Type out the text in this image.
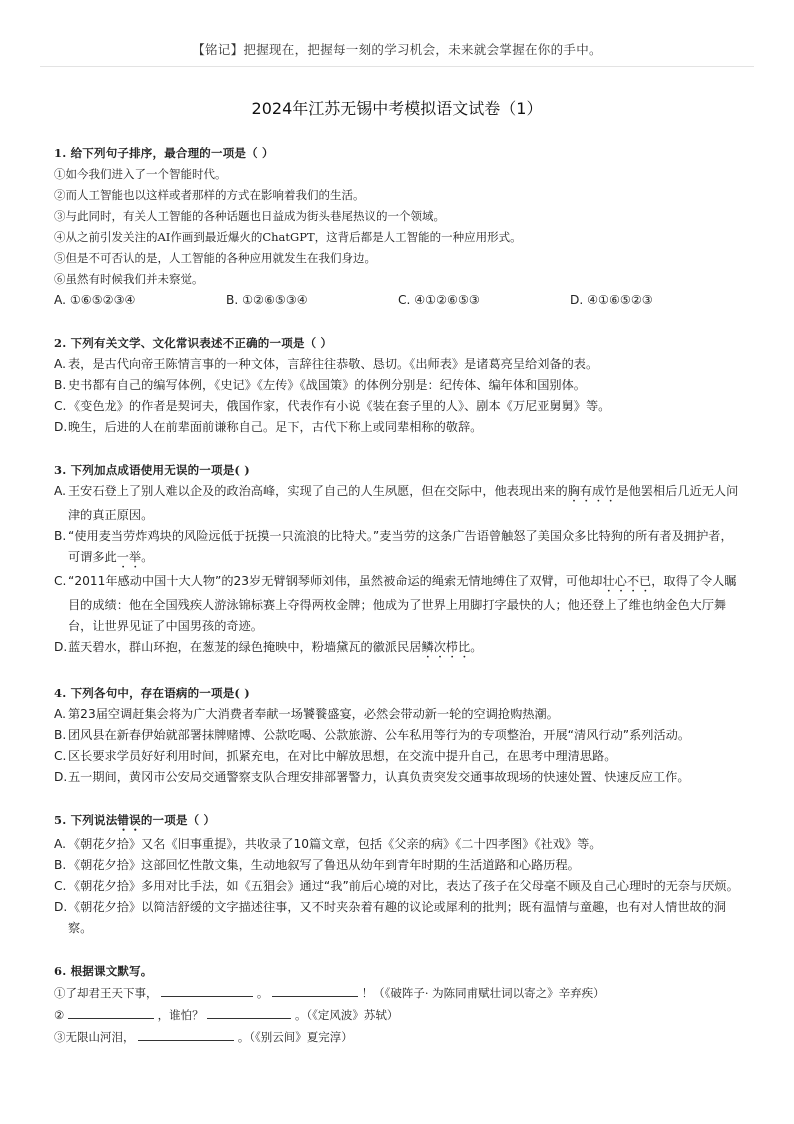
【铭记】把握现在，把握每一刻的学习机会，未来就会掌握在你的手中。
2024年江苏无锡中考模拟语文试卷（1）
1. 给下列句子排序，最合理的一项是（ ）
①如今我们进入了一个智能时代。
②而人工智能也以这样或者那样的方式在影响着我们的生活。
③与此同时，有关人工智能的各种话题也日益成为街头巷尾热议的一个领域。
④从之前引发关注的AI作画到最近爆火的ChatGPT，这背后都是人工智能的一种应用形式。
⑤但是不可否认的是，人工智能的各种应用就发生在我们身边。
⑥虽然有时候我们并未察觉。
A. ①⑥⑤②③④	B. ①②⑥⑤③④	C. ④①②⑥⑤③	D. ④①⑥⑤②③
2. 下列有关文学、文化常识表述不正确的一项是（ ）
A. 表，是古代向帝王陈情言事的一种文体，言辞往往恭敬、恳切。《出师表》是诸葛亮呈给刘备的表。
B. 史书都有自己的编写体例，《史记》《左传》《战国策》的体例分别是：纪传体、编年体和国别体。
C. 《变色龙》的作者是契诃夫，俄国作家，代表作有小说《装在套子里的人》、剧本《万尼亚舅舅》等。
D.晚生，后进的人在前辈面前谦称自己。足下，古代下称上或同辈相称的敬辞。
3. 下列加点成语使用无误的一项是( )
A. 王安石登上了别人难以企及的政治高峰，实现了自己的人生夙愿，但在交际中，他表现出来的胸有成竹是他罢相后几近无人问津的真正原因。
B. “使用麦当劳炸鸡块的风险远低于抚摸一只流浪的比特犬。”麦当劳的这条广告语曾触怒了美国众多比特狗的所有者及拥护者，可谓多此一举。
C. “2011年感动中国十大人物”的23岁无臂钢琴师刘伟，虽然被命运的绳索无情地缚住了双臂，可他却壮心不已，取得了令人瞩目的成绩：他在全国残疾人游泳锦标赛上夺得两枚金牌；他成为了世界上用脚打字最快的人；他还登上了维也纳金色大厅舞台，让世界见证了中国男孩的奇迹。
D.蓝天碧水，群山环抱，在葱茏的绿色掩映中，粉墙黛瓦的徽派民居鳞次栉比。
4. 下列各句中，存在语病的一项是( )
A. 第23届空调赶集会将为广大消费者奉献一场饕餮盛宴，必然会带动新一轮的空调抢购热潮。
B. 团风县在新春伊始就部署抹牌赌博、公款吃喝、公款旅游、公车私用等行为的专项整治，开展“清风行动”系列活动。
C. 区长要求学员好好利用时间，抓紧充电，在对比中解放思想，在交流中提升自己，在思考中理清思路。
D.五一期间，黄冈市公安局交通警察支队合理安排部署警力，认真负责突发交通事故现场的快速处置、快速反应工作。
5. 下列说法错误的一项是（ ）
A. 《朝花夕拾》又名《旧事重提》，共收录了10篇文章，包括《父亲的病》《二十四孝图》《社戏》等。
B. 《朝花夕拾》这部回忆性散文集，生动地叙写了鲁迅从幼年到青年时期的生活道路和心路历程。
C. 《朝花夕拾》多用对比手法，如《五猖会》通过“我”前后心境的对比，表达了孩子在父母毫不顾及自己心理时的无奈与厌烦。
D.《朝花夕拾》以简洁舒缓的文字描述往事，又不时夹杂着有趣的议论或犀利的批判；既有温情与童趣，也有对人情世故的洞察。
6. 根据课文默写。
①了却君王天下事，	。	！（《破阵子· 为陈同甫赋壮词以寄之》辛弃疾）
②	，谁怕？	。（《定风波》苏轼）
③无限山河泪，	。（《别云间》夏完淳）
